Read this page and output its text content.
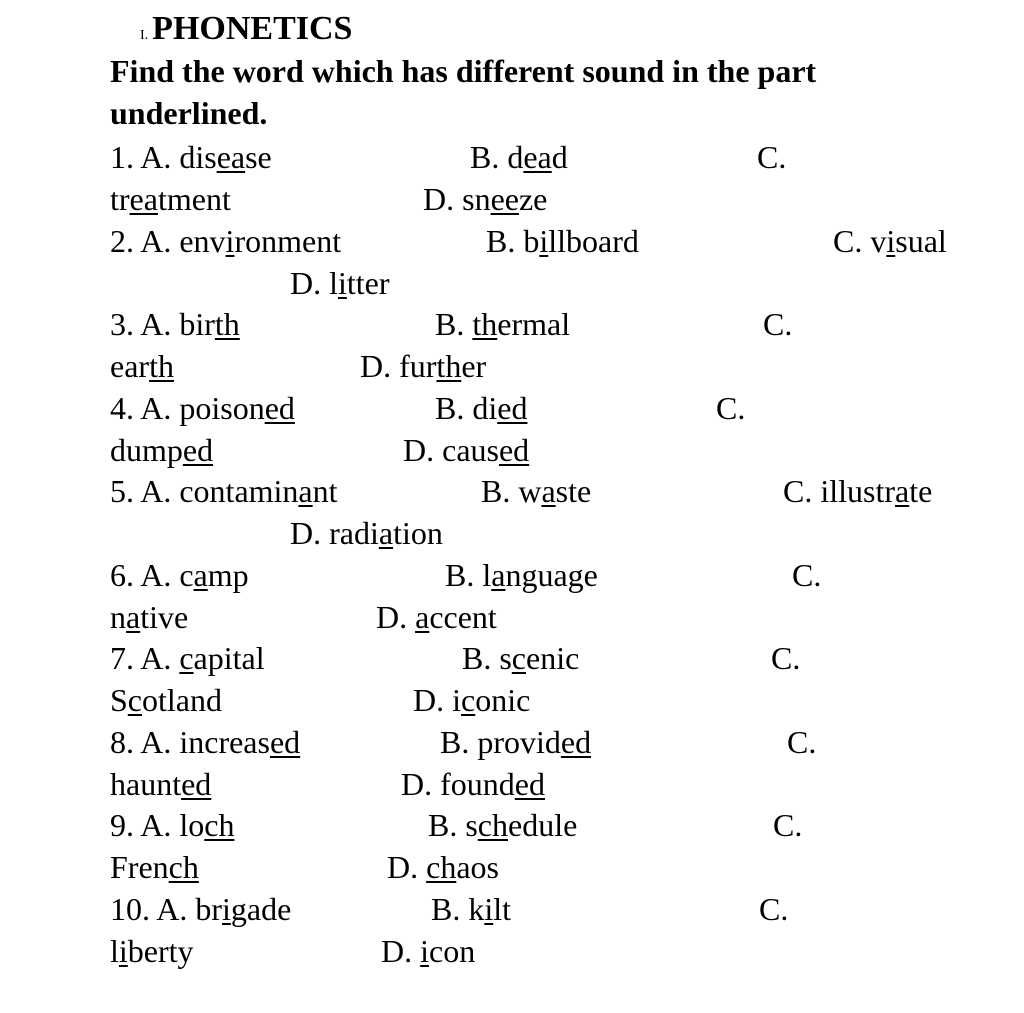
I. PHONETICS
Find the word which has different sound in the part underlined.
1. A. disease	B. dead	C.
treatment	D. sneeze
2. A. environment	B. billboard	C. visual
D. litter
3. A. birth	B. thermal	C.
earth	D. further
4. A. poisoned	B. died	C.
dumped	D. caused
5. A. contaminant	B. waste	C. illustrate
D. radiation
6. A. camp	B. language	C.
native	D. accent
7. A. capital	B. scenic	C.
Scotland	D. iconic
8. A. increased	B. provided	C.
haunted	D. founded
9. A. loch	B. schedule	C.
French	D. chaos
10. A. brigade	B. kilt	C.
liberty	D. icon
